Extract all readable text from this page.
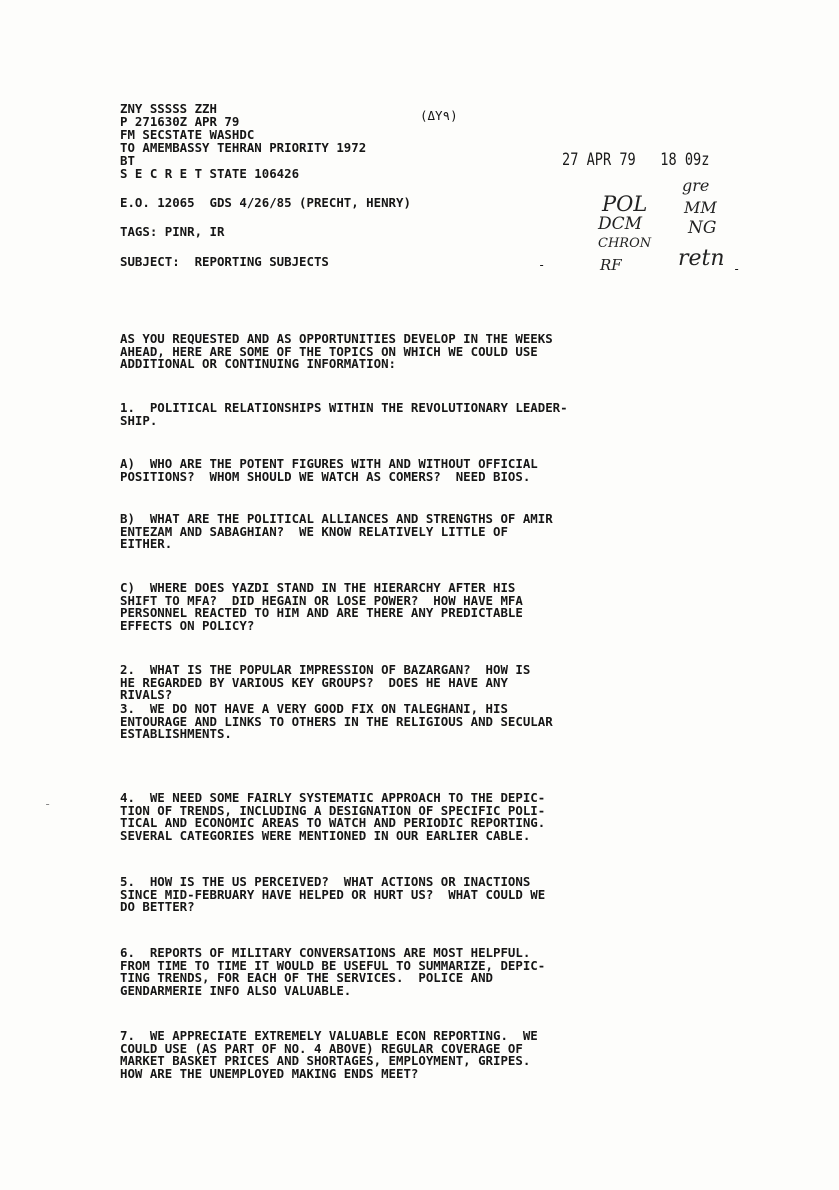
ZNY SSSSS ZZH
P 271630Z APR 79
FM SECSTATE WASHDC
TO AMEMBASSY TEHRAN PRIORITY 1972
BT
S E C R E T STATE 106426
E.O. 12065  GDS 4/26/85 (PRECHT, HENRY)
TAGS: PINR, IR
SUBJECT:  REPORTING SUBJECTS
(ΔY٩)
27 APR 79   18 09z
gre
POL MM
DCM	NG
CHRON
RF	retn
-	-
-
AS YOU REQUESTED AND AS OPPORTUNITIES DEVELOP IN THE WEEKS
AHEAD, HERE ARE SOME OF THE TOPICS ON WHICH WE COULD USE
ADDITIONAL OR CONTINUING INFORMATION:
1.  POLITICAL RELATIONSHIPS WITHIN THE REVOLUTIONARY LEADER-
SHIP.
A)  WHO ARE THE POTENT FIGURES WITH AND WITHOUT OFFICIAL
POSITIONS?  WHOM SHOULD WE WATCH AS COMERS?  NEED BIOS.
B)  WHAT ARE THE POLITICAL ALLIANCES AND STRENGTHS OF AMIR
ENTEZAM AND SABAGHIAN?  WE KNOW RELATIVELY LITTLE OF
EITHER.
C)  WHERE DOES YAZDI STAND IN THE HIERARCHY AFTER HIS
SHIFT TO MFA?  DID HEGAIN OR LOSE POWER?  HOW HAVE MFA
PERSONNEL REACTED TO HIM AND ARE THERE ANY PREDICTABLE
EFFECTS ON POLICY?
2.  WHAT IS THE POPULAR IMPRESSION OF BAZARGAN?  HOW IS
HE REGARDED BY VARIOUS KEY GROUPS?  DOES HE HAVE ANY
RIVALS?
3.  WE DO NOT HAVE A VERY GOOD FIX ON TALEGHANI, HIS
ENTOURAGE AND LINKS TO OTHERS IN THE RELIGIOUS AND SECULAR
ESTABLISHMENTS.
4.  WE NEED SOME FAIRLY SYSTEMATIC APPROACH TO THE DEPIC-
TION OF TRENDS, INCLUDING A DESIGNATION OF SPECIFIC POLI-
TICAL AND ECONOMIC AREAS TO WATCH AND PERIODIC REPORTING.
SEVERAL CATEGORIES WERE MENTIONED IN OUR EARLIER CABLE.
5.  HOW IS THE US PERCEIVED?  WHAT ACTIONS OR INACTIONS
SINCE MID-FEBRUARY HAVE HELPED OR HURT US?  WHAT COULD WE
DO BETTER?
6.  REPORTS OF MILITARY CONVERSATIONS ARE MOST HELPFUL.
FROM TIME TO TIME IT WOULD BE USEFUL TO SUMMARIZE, DEPIC-
TING TRENDS, FOR EACH OF THE SERVICES.  POLICE AND
GENDARMERIE INFO ALSO VALUABLE.
7.  WE APPRECIATE EXTREMELY VALUABLE ECON REPORTING.  WE
COULD USE (AS PART OF NO. 4 ABOVE) REGULAR COVERAGE OF
MARKET BASKET PRICES AND SHORTAGES, EMPLOYMENT, GRIPES.
HOW ARE THE UNEMPLOYED MAKING ENDS MEET?
